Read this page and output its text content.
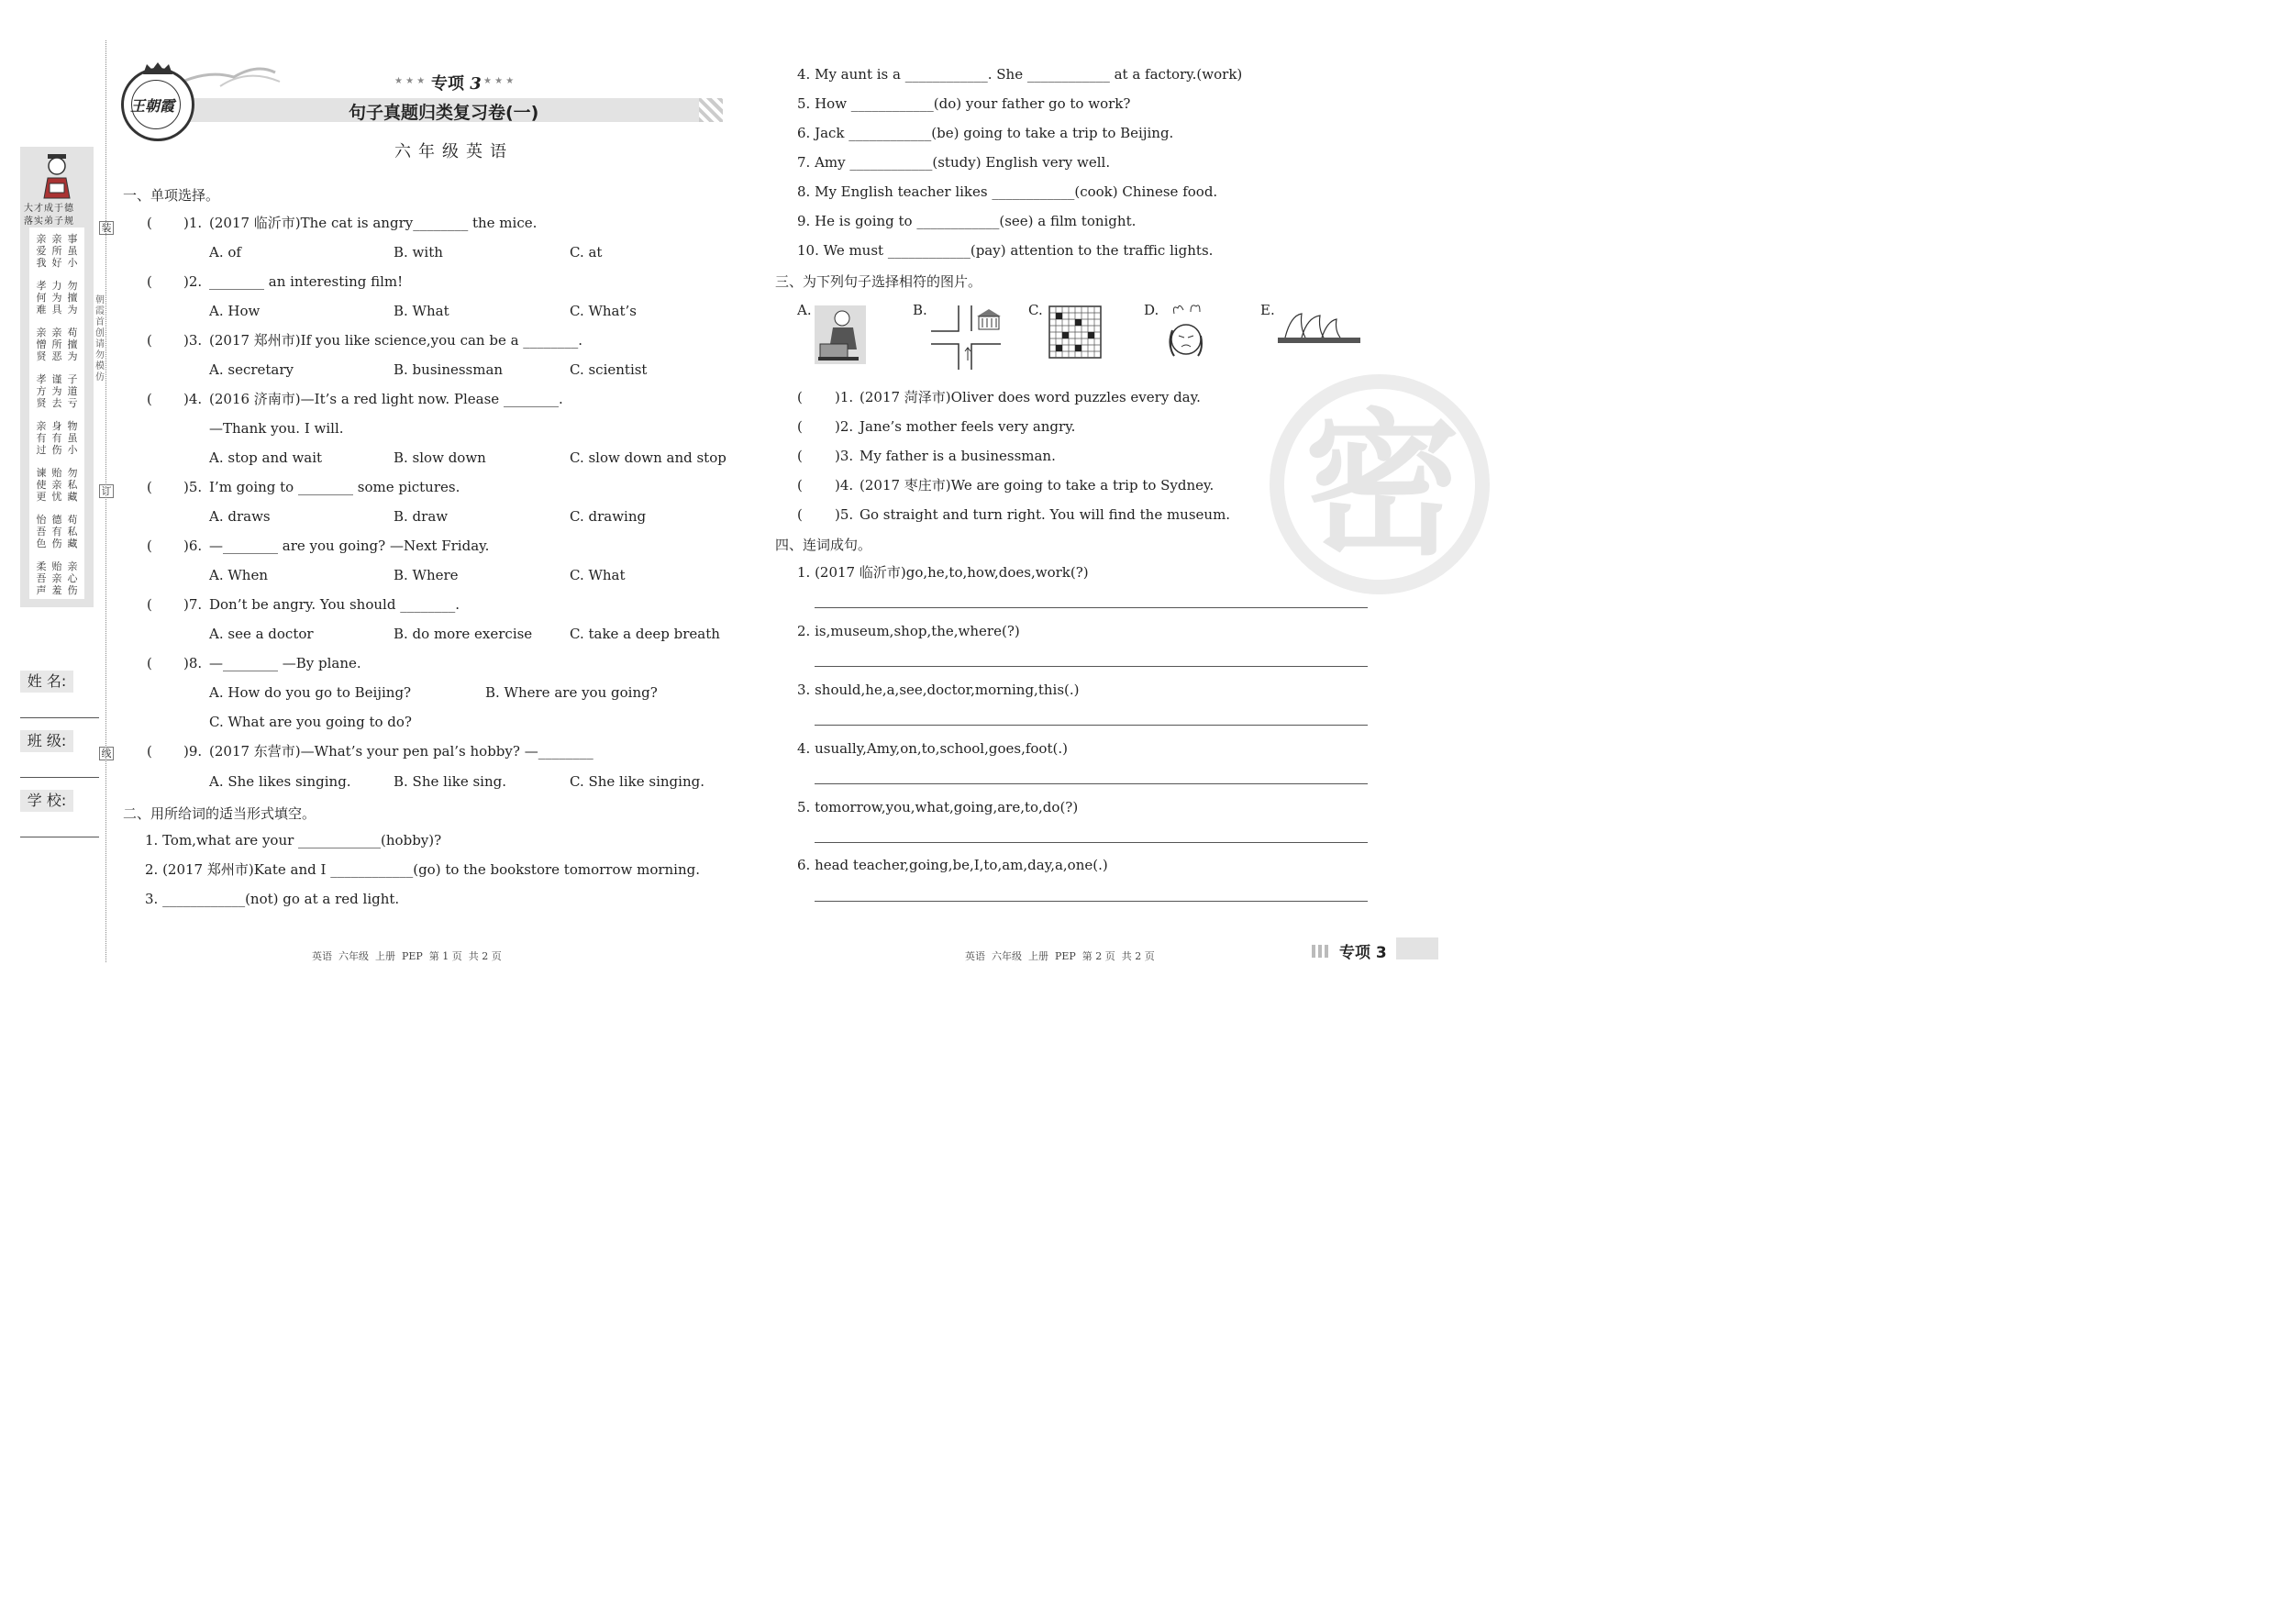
大才成于德
落实弟子规
亲爱我
孝何难
亲憎贤
孝方贤
亲有过
谏使更
怡吾色
柔吾声
亲所好
力为具
亲所恶
谨为去
身有伤
贻亲忧
德有伤
贻亲羞
事虽小
勿擅为
苟擅为
子道亏
物虽小
勿私藏
苟私藏
亲心伤
装
朝霞首创 请勿模仿
订
线
姓 名:
班 级:
学 校:
王朝霞
★ ★ ★ 专项 3 ★ ★ ★
句子真题归类复习卷(一)
六年级英语
一、单项选择。
( )1. (2017 临沂市)The cat is angry________ the mice.
A. of	B. with	C. at
( )2. ________ an interesting film!
A. How	B. What	C. What’s
( )3. (2017 郑州市)If you like science,you can be a ________.
A. secretary	B. businessman	C. scientist
( )4. (2016 济南市)—It’s a red light now. Please ________.
—Thank you. I will.
A. stop and wait	B. slow down	C. slow down and stop
( )5. I’m going to ________ some pictures.
A. draws	B. draw	C. drawing
( )6. —________ are you going? —Next Friday.
A. When	B. Where	C. What
( )7. Don’t be angry. You should ________.
A. see a doctor	B. do more exercise	C. take a deep breath
( )8. —________ —By plane.
A. How do you go to Beijing?	B. Where are you going?
C. What are you going to do?
( )9. (2017 东营市)—What’s your pen pal’s hobby? —________
A. She likes singing.	B. She like sing.	C. She like singing.
二、用所给词的适当形式填空。
1. Tom,what are your ____________(hobby)?
2. (2017 郑州市)Kate and I ____________(go) to the bookstore tomorrow morning.
3. ____________(not) go at a red light.
4. My aunt is a ____________. She ____________ at a factory.(work)
5. How ____________(do) your father go to work?
6. Jack ____________(be) going to take a trip to Beijing.
7. Amy ____________(study) English very well.
8. My English teacher likes ____________(cook) Chinese food.
9. He is going to ____________(see) a film tonight.
10. We must ____________(pay) attention to the traffic lights.
密
三、为下列句子选择相符的图片。
A.	B.	C.	D.	E.
( )1. (2017 菏泽市)Oliver does word puzzles every day.
( )2. Jane’s mother feels very angry.
( )3. My father is a businessman.
( )4. (2017 枣庄市)We are going to take a trip to Sydney.
( )5. Go straight and turn right. You will find the museum.
四、连词成句。
1. (2017 临沂市)go,he,to,how,does,work(?)
2. is,museum,shop,the,where(?)
3. should,he,a,see,doctor,morning,this(.)
4. usually,Amy,on,to,school,goes,foot(.)
5. tomorrow,you,what,going,are,to,do(?)
6. head teacher,going,be,I,to,am,day,a,one(.)
英语  六年级  上册  PEP  第 1 页  共 2 页	英语  六年级  上册  PEP  第 2 页  共 2 页	专项 3
